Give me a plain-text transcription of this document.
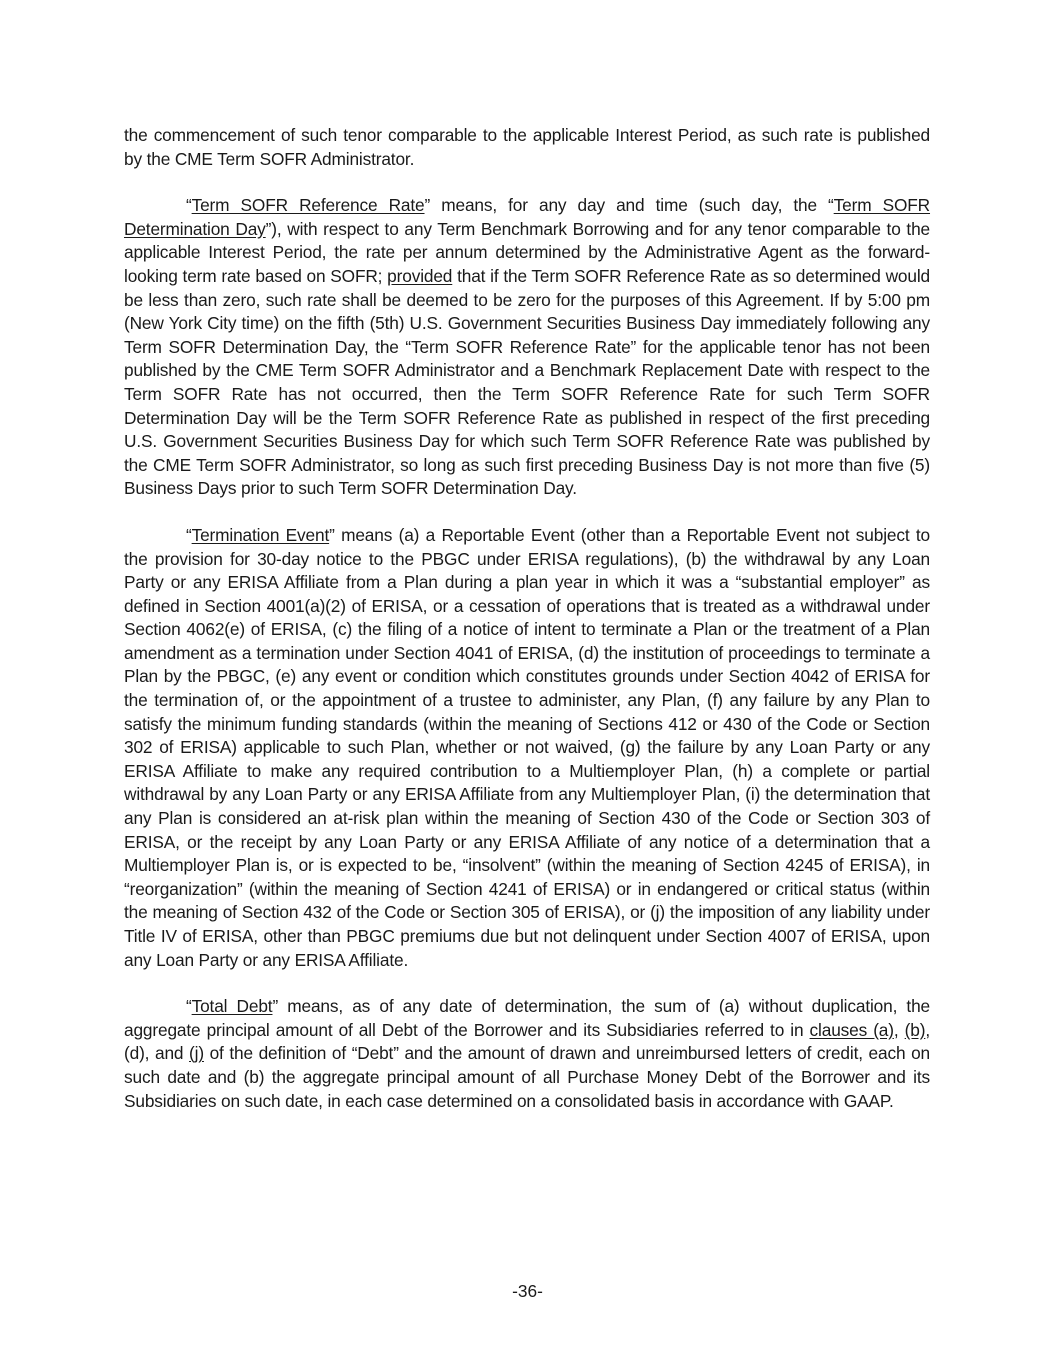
the commencement of such tenor comparable to the applicable Interest Period, as such rate is published by the CME Term SOFR Administrator.

“Term SOFR Reference Rate” means, for any day and time (such day, the “Term SOFR Determination Day”), with respect to any Term Benchmark Borrowing and for any tenor comparable to the applicable Interest Period, the rate per annum determined by the Administrative Agent as the forward-looking term rate based on SOFR; provided that if the Term SOFR Reference Rate as so determined would be less than zero, such rate shall be deemed to be zero for the purposes of this Agreement. If by 5:00 pm (New York City time) on the fifth (5th) U.S. Government Securities Business Day immediately following any Term SOFR Determination Day, the “Term SOFR Reference Rate” for the applicable tenor has not been published by the CME Term SOFR Administrator and a Benchmark Replacement Date with respect to the Term SOFR Rate has not occurred, then the Term SOFR Reference Rate for such Term SOFR Determination Day will be the Term SOFR Reference Rate as published in respect of the first preceding U.S. Government Securities Business Day for which such Term SOFR Reference Rate was published by the CME Term SOFR Administrator, so long as such first preceding Business Day is not more than five (5) Business Days prior to such Term SOFR Determination Day.

“Termination Event” means (a) a Reportable Event (other than a Reportable Event not subject to the provision for 30-day notice to the PBGC under ERISA regulations), (b) the withdrawal by any Loan Party or any ERISA Affiliate from a Plan during a plan year in which it was a “substantial employer” as defined in Section 4001(a)(2) of ERISA, or a cessation of operations that is treated as a withdrawal under Section 4062(e) of ERISA, (c) the filing of a notice of intent to terminate a Plan or the treatment of a Plan amendment as a termination under Section 4041 of ERISA, (d) the institution of proceedings to terminate a Plan by the PBGC, (e) any event or condition which constitutes grounds under Section 4042 of ERISA for the termination of, or the appointment of a trustee to administer, any Plan, (f) any failure by any Plan to satisfy the minimum funding standards (within the meaning of Sections 412 or 430 of the Code or Section 302 of ERISA) applicable to such Plan, whether or not waived, (g) the failure by any Loan Party or any ERISA Affiliate to make any required contribution to a Multiemployer Plan, (h) a complete or partial withdrawal by any Loan Party or any ERISA Affiliate from any Multiemployer Plan, (i) the determination that any Plan is considered an at-risk plan within the meaning of Section 430 of the Code or Section 303 of ERISA, or the receipt by any Loan Party or any ERISA Affiliate of any notice of a determination that a Multiemployer Plan is, or is expected to be, “insolvent” (within the meaning of Section 4245 of ERISA), in “reorganization” (within the meaning of Section 4241 of ERISA) or in endangered or critical status (within the meaning of Section 432 of the Code or Section 305 of ERISA), or (j) the imposition of any liability under Title IV of ERISA, other than PBGC premiums due but not delinquent under Section 4007 of ERISA, upon any Loan Party or any ERISA Affiliate.

“Total Debt” means, as of any date of determination, the sum of (a) without duplication, the aggregate principal amount of all Debt of the Borrower and its Subsidiaries referred to in clauses (a), (b), (d), and (j) of the definition of “Debt” and the amount of drawn and unreimbursed letters of credit, each on such date and (b) the aggregate principal amount of all Purchase Money Debt of the Borrower and its Subsidiaries on such date, in each case determined on a consolidated basis in accordance with GAAP.

-36-
